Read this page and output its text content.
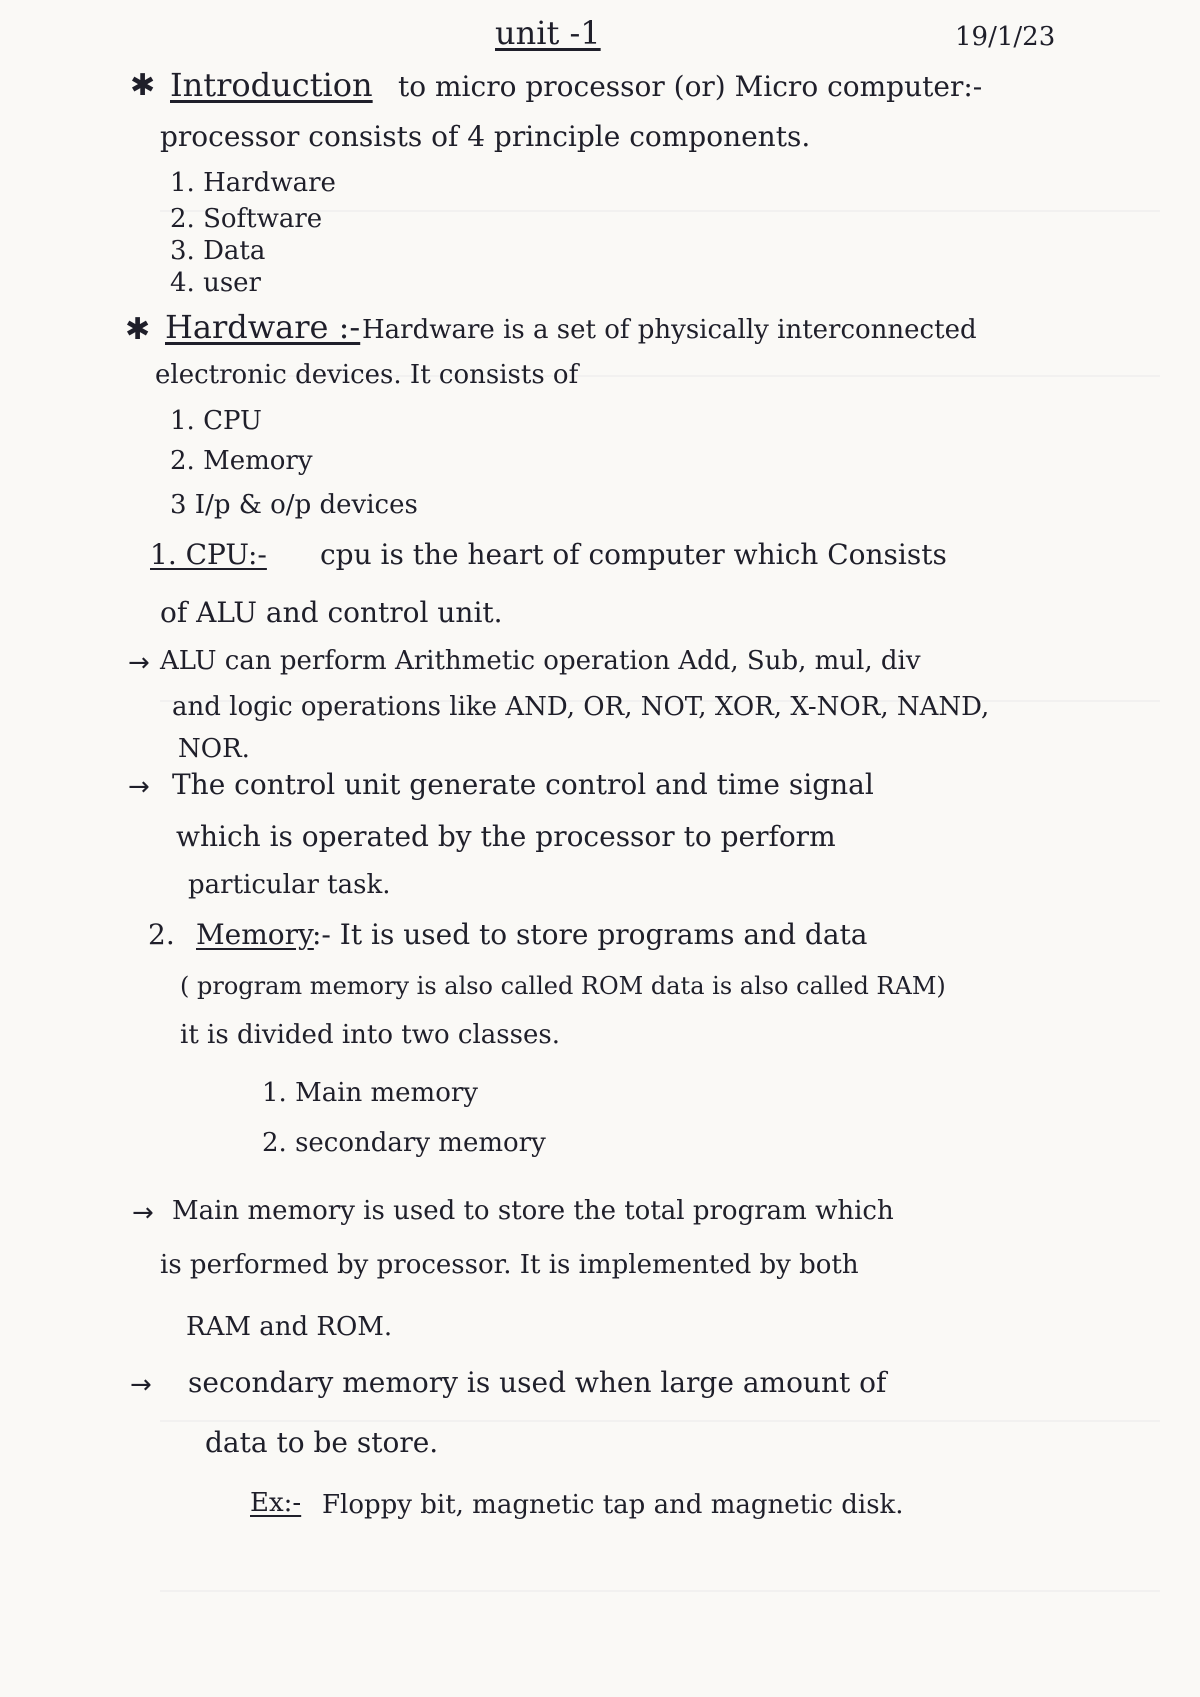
unit -1	19/1/23
✱ Introduction to micro processor (or) Micro computer:-
processor consists of 4 principle components.
1. Hardware
2. Software
3. Data
4. user
✱ Hardware :- Hardware is a set of physically interconnected
electronic devices. It consists of
1. CPU
2. Memory
3 I/p & o/p devices
1. CPU:- cpu is the heart of computer which Consists
of ALU and control unit.
→ ALU can perform Arithmetic operation Add, Sub, mul, div
and logic operations like AND, OR, NOT, XOR, X-NOR, NAND,
NOR.
→ The control unit generate control and time signal
which is operated by the processor to perform
particular task.
2. Memory
:- It is used to store programs and data
( program memory is also called ROM data is also called RAM)
it is divided into two classes.
1. Main memory
2. secondary memory
→ Main memory is used to store the total program which
is performed by processor. It is implemented by both
RAM and ROM.
→ secondary memory is used when large amount of
data to be store.
Ex:- Floppy bit, magnetic tap and magnetic disk.
